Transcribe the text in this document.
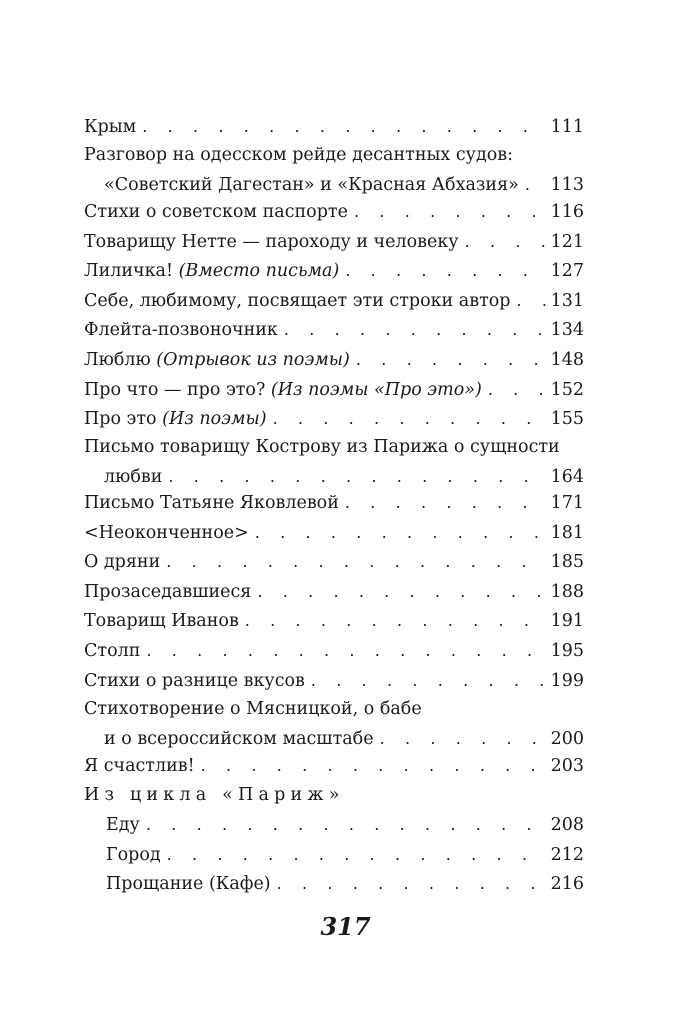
Крым . . .	111
Разговор на одесском рейде десантных судов:
«Советский Дагестан» и «Красная Абхазия» . . . 113
Стихи о советском паспорте . . .	116
Товарищу Нетте — пароходу и человеку . . .	121
Лиличка! (Вместо письма) . . .	127
Себе, любимому, посвящает эти строки автор . . . 131
Флейта-позвоночник . . .	134
Люблю (Отрывок из поэмы) . . .	148
Про что — про это? (Из поэмы «Про это») . . .	152
Про это (Из поэмы) . . .	155
Письмо товарищу Кострову из Парижа о сущности
любви . . .	164
Письмо Татьяне Яковлевой . . .	171
<Неоконченное> . . .	181
О дряни . . .	185
Прозаседавшиеся . . .	188
Товарищ Иванов . . .	191
Столп . . .	195
Стихи о разнице вкусов . . .	199
Стихотворение о Мясницкой, о бабе
и о всероссийском масштабе . . .	200
Я счастлив! . . .	203
Из цикла «Париж»
Еду . . .	208
Город . . .	212
Прощание (Кафе) . . .	216
317
